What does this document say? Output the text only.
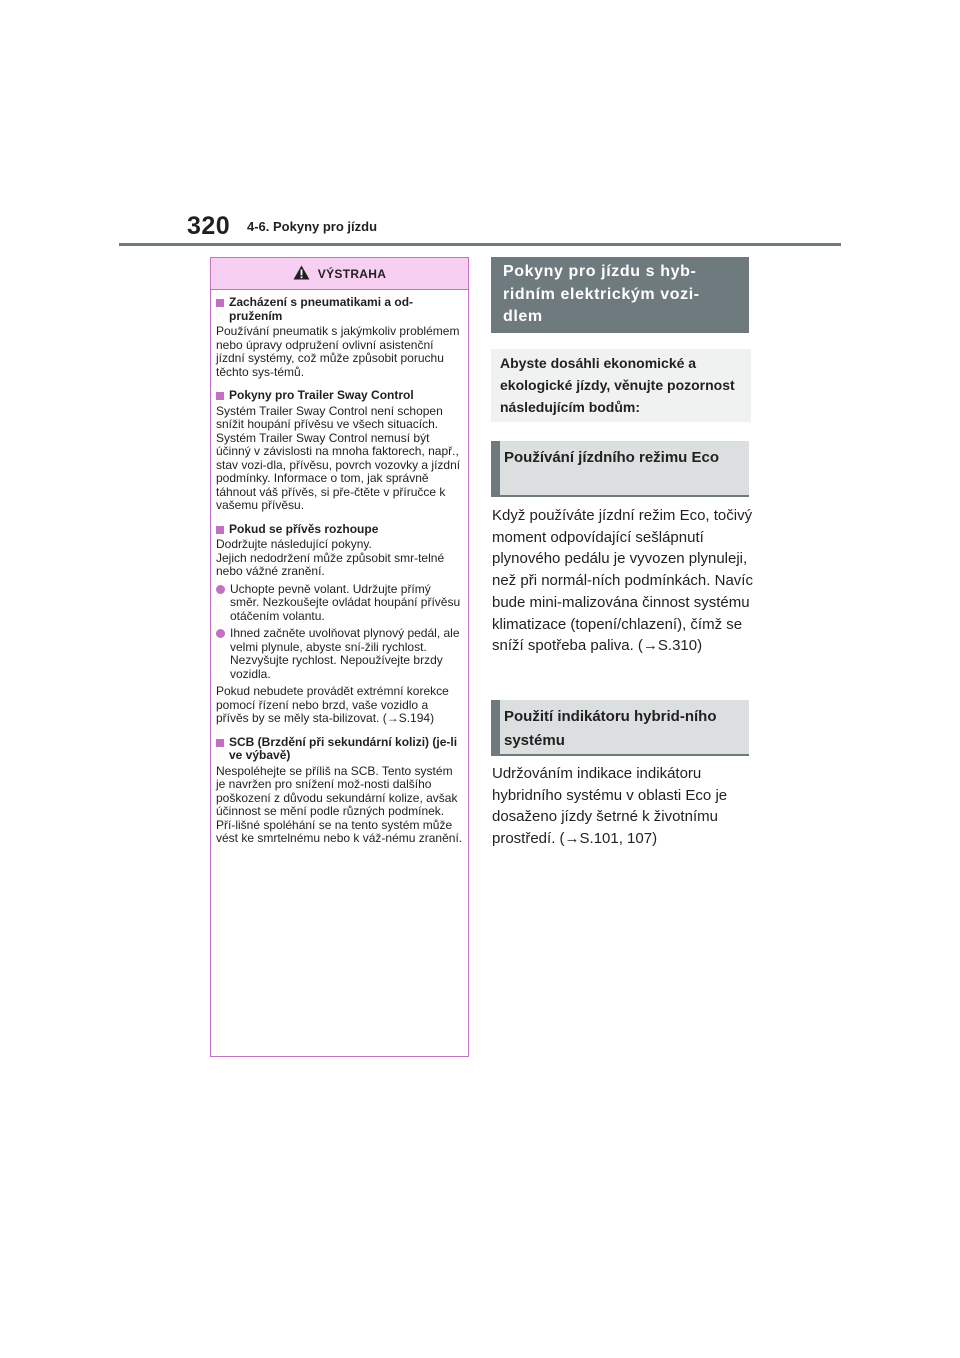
320 4-6. Pokyny pro jízdu
VÝSTRAHA
Zacházení s pneumatikami a od-pružením
Používání pneumatik s jakýmkoliv problémem nebo úpravy odpružení ovlivní asistenční jízdní systémy, což může způsobit poruchu těchto sys-témů.
Pokyny pro Trailer Sway Control
Systém Trailer Sway Control není schopen snížit houpání přívěsu ve všech situacích. Systém Trailer Sway Control nemusí být účinný v závislosti na mnoha faktorech, např., stav vozi-dla, přívěsu, povrch vozovky a jízdní podmínky. Informace o tom, jak správně táhnout váš přívěs, si pře-čtěte v příručce k vašemu přívěsu.
Pokud se přívěs rozhoupe
Dodržujte následující pokyny.
Jejich nedodržení může způsobit smr-telné nebo vážné zranění.
Uchopte pevně volant. Udržujte přímý směr. Nezkoušejte ovládat houpání přívěsu otáčením volantu.
Ihned začněte uvolňovat plynový pedál, ale velmi plynule, abyste sní-žili rychlost.
Nezvyšujte rychlost. Nepoužívejte brzdy vozidla.
Pokud nebudete provádět extrémní korekce pomocí řízení nebo brzd, vaše vozidlo a přívěs by se měly sta-bilizovat. (→S.194)
SCB (Brzdění při sekundární kolizi) (je-li ve výbavě)
Nespoléhejte se příliš na SCB. Tento systém je navržen pro snížení mož-nosti dalšího poškození z důvodu sekundární kolize, avšak účinnost se mění podle různých podmínek. Pří-lišné spoléhání se na tento systém může vést ke smrtelnému nebo k váž-nému zranění.
Pokyny pro jízdu s hyb-ridním elektrickým vozi-dlem
Abyste dosáhli ekonomické a ekologické jízdy, věnujte pozornost následujícím bodům:
Používání jízdního režimu Eco
Když používáte jízdní režim Eco, točivý moment odpovídající sešlápnutí plynového pedálu je vyvozen plynuleji, než při normál-ních podmínkách. Navíc bude mini-malizována činnost systému klimatizace (topení/chlazení), čímž se sníží spotřeba paliva. (→S.310)
Použití indikátoru hybrid-ního systému
Udržováním indikace indikátoru hybridního systému v oblasti Eco je dosaženo jízdy šetrné k životnímu prostředí. (→S.101, 107)
